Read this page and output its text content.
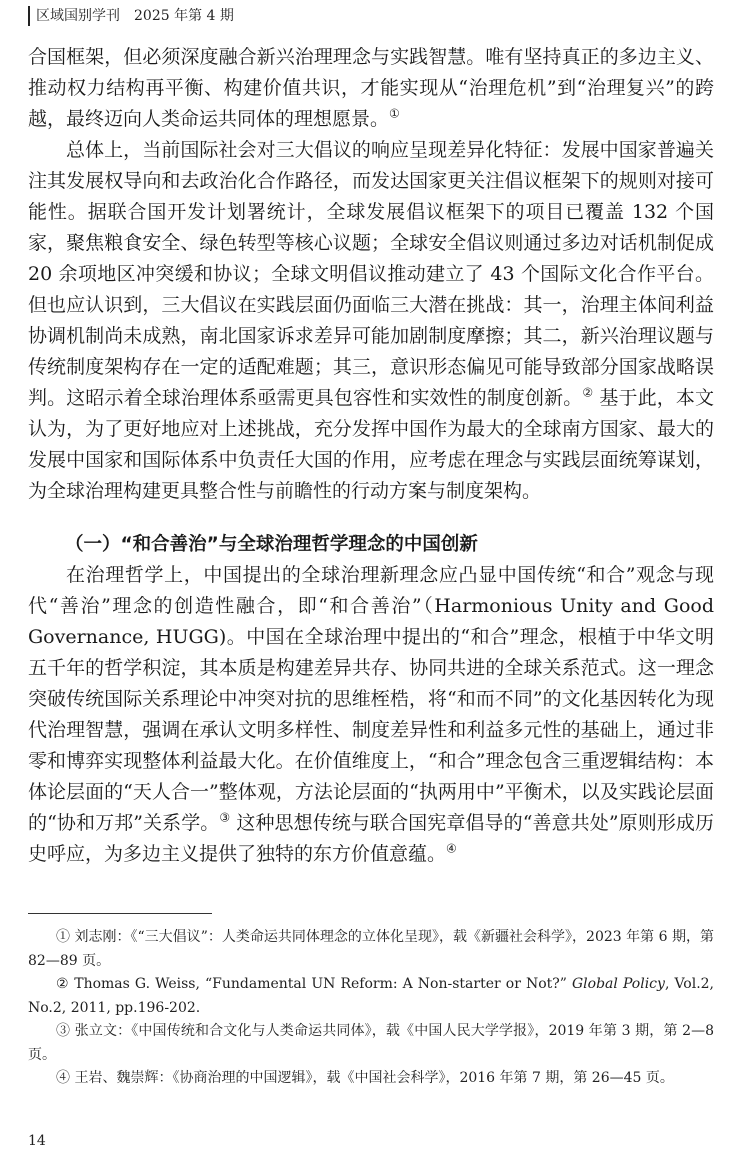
区域国别学刊　2025 年第 4 期

合国框架，但必须深度融合新兴治理理念与实践智慧。唯有坚持真正的多边主义、推动权力结构再平衡、构建价值共识，才能实现从“治理危机”到“治理复兴”的跨越，最终迈向人类命运共同体的理想愿景。①

总体上，当前国际社会对三大倡议的响应呈现差异化特征：发展中国家普遍关注其发展权导向和去政治化合作路径，而发达国家更关注倡议框架下的规则对接可能性。据联合国开发计划署统计，全球发展倡议框架下的项目已覆盖 132 个国家，聚焦粮食安全、绿色转型等核心议题；全球安全倡议则通过多边对话机制促成 20 余项地区冲突缓和协议；全球文明倡议推动建立了 43 个国际文化合作平台。但也应认识到，三大倡议在实践层面仍面临三大潜在挑战：其一，治理主体间利益协调机制尚未成熟，南北国家诉求差异可能加剧制度摩擦；其二，新兴治理议题与传统制度架构存在一定的适配难题；其三，意识形态偏见可能导致部分国家战略误判。这昭示着全球治理体系亟需更具包容性和实效性的制度创新。② 基于此，本文认为，为了更好地应对上述挑战，充分发挥中国作为最大的全球南方国家、最大的发展中国家和国际体系中负责任大国的作用，应考虑在理念与实践层面统筹谋划，为全球治理构建更具整合性与前瞻性的行动方案与制度架构。

（一）“和合善治”与全球治理哲学理念的中国创新

在治理哲学上，中国提出的全球治理新理念应凸显中国传统“和合”观念与现代“善治”理念的创造性融合，即“和合善治”（Harmonious Unity and Good Governance, HUGG)。中国在全球治理中提出的“和合”理念，根植于中华文明五千年的哲学积淀，其本质是构建差异共存、协同共进的全球关系范式。这一理念突破传统国际关系理论中冲突对抗的思维桎梏，将“和而不同”的文化基因转化为现代治理智慧，强调在承认文明多样性、制度差异性和利益多元性的基础上，通过非零和博弈实现整体利益最大化。在价值维度上，“和合”理念包含三重逻辑结构：本体论层面的“天人合一”整体观，方法论层面的“执两用中”平衡术，以及实践论层面的“协和万邦”关系学。③ 这种思想传统与联合国宪章倡导的“善意共处”原则形成历史呼应，为多边主义提供了独特的东方价值意蕴。④

① 刘志刚：《“三大倡议”：人类命运共同体理念的立体化呈现》，载《新疆社会科学》，2023 年第 6 期，第 82—89 页。

② Thomas G. Weiss, “Fundamental UN Reform: A Non-starter or Not?” Global Policy, Vol.2, No.2, 2011, pp.196-202.

③ 张立文：《中国传统和合文化与人类命运共同体》，载《中国人民大学学报》，2019 年第 3 期，第 2—8 页。

④ 王岩、魏崇辉：《协商治理的中国逻辑》，载《中国社会科学》，2016 年第 7 期，第 26—45 页。

14
